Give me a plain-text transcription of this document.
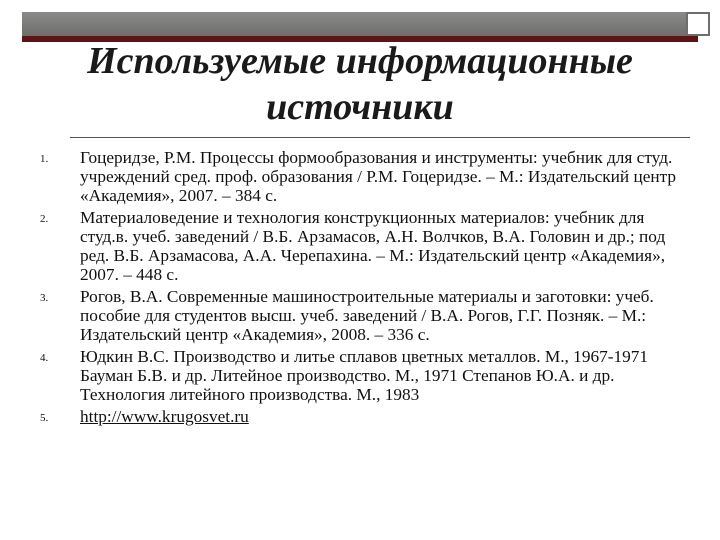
Используемые информационные
источники
1.	Гоцеридзе, Р.М. Процессы формообразования и инструменты: учебник для студ. учреждений сред. проф. образования / Р.М. Гоцеридзе. – М.: Издательский центр «Академия», 2007. – 384 с.
2.	Материаловедение и технология конструкционных материалов: учебник для студ.в. учеб. заведений / В.Б. Арзамасов, А.Н. Волчков, В.А. Головин и др.; под ред. В.Б. Арзамасова, А.А. Черепахина. – М.: Издательский центр «Академия», 2007. – 448 с.
3.	Рогов, В.А. Современные машиностроительные материалы и заготовки: учеб. пособие для студентов высш. учеб. заведений / В.А. Рогов, Г.Г. Позняк. – М.: Издательский центр «Академия», 2008. – 336 с.
4.	Юдкин В.С. Производство и литье сплавов цветных металлов. М., 1967-1971 Бауман Б.В. и др. Литейное производство. М., 1971 Степанов Ю.А. и др. Технология литейного производства. М., 1983
5.	http://www.krugosvet.ru
